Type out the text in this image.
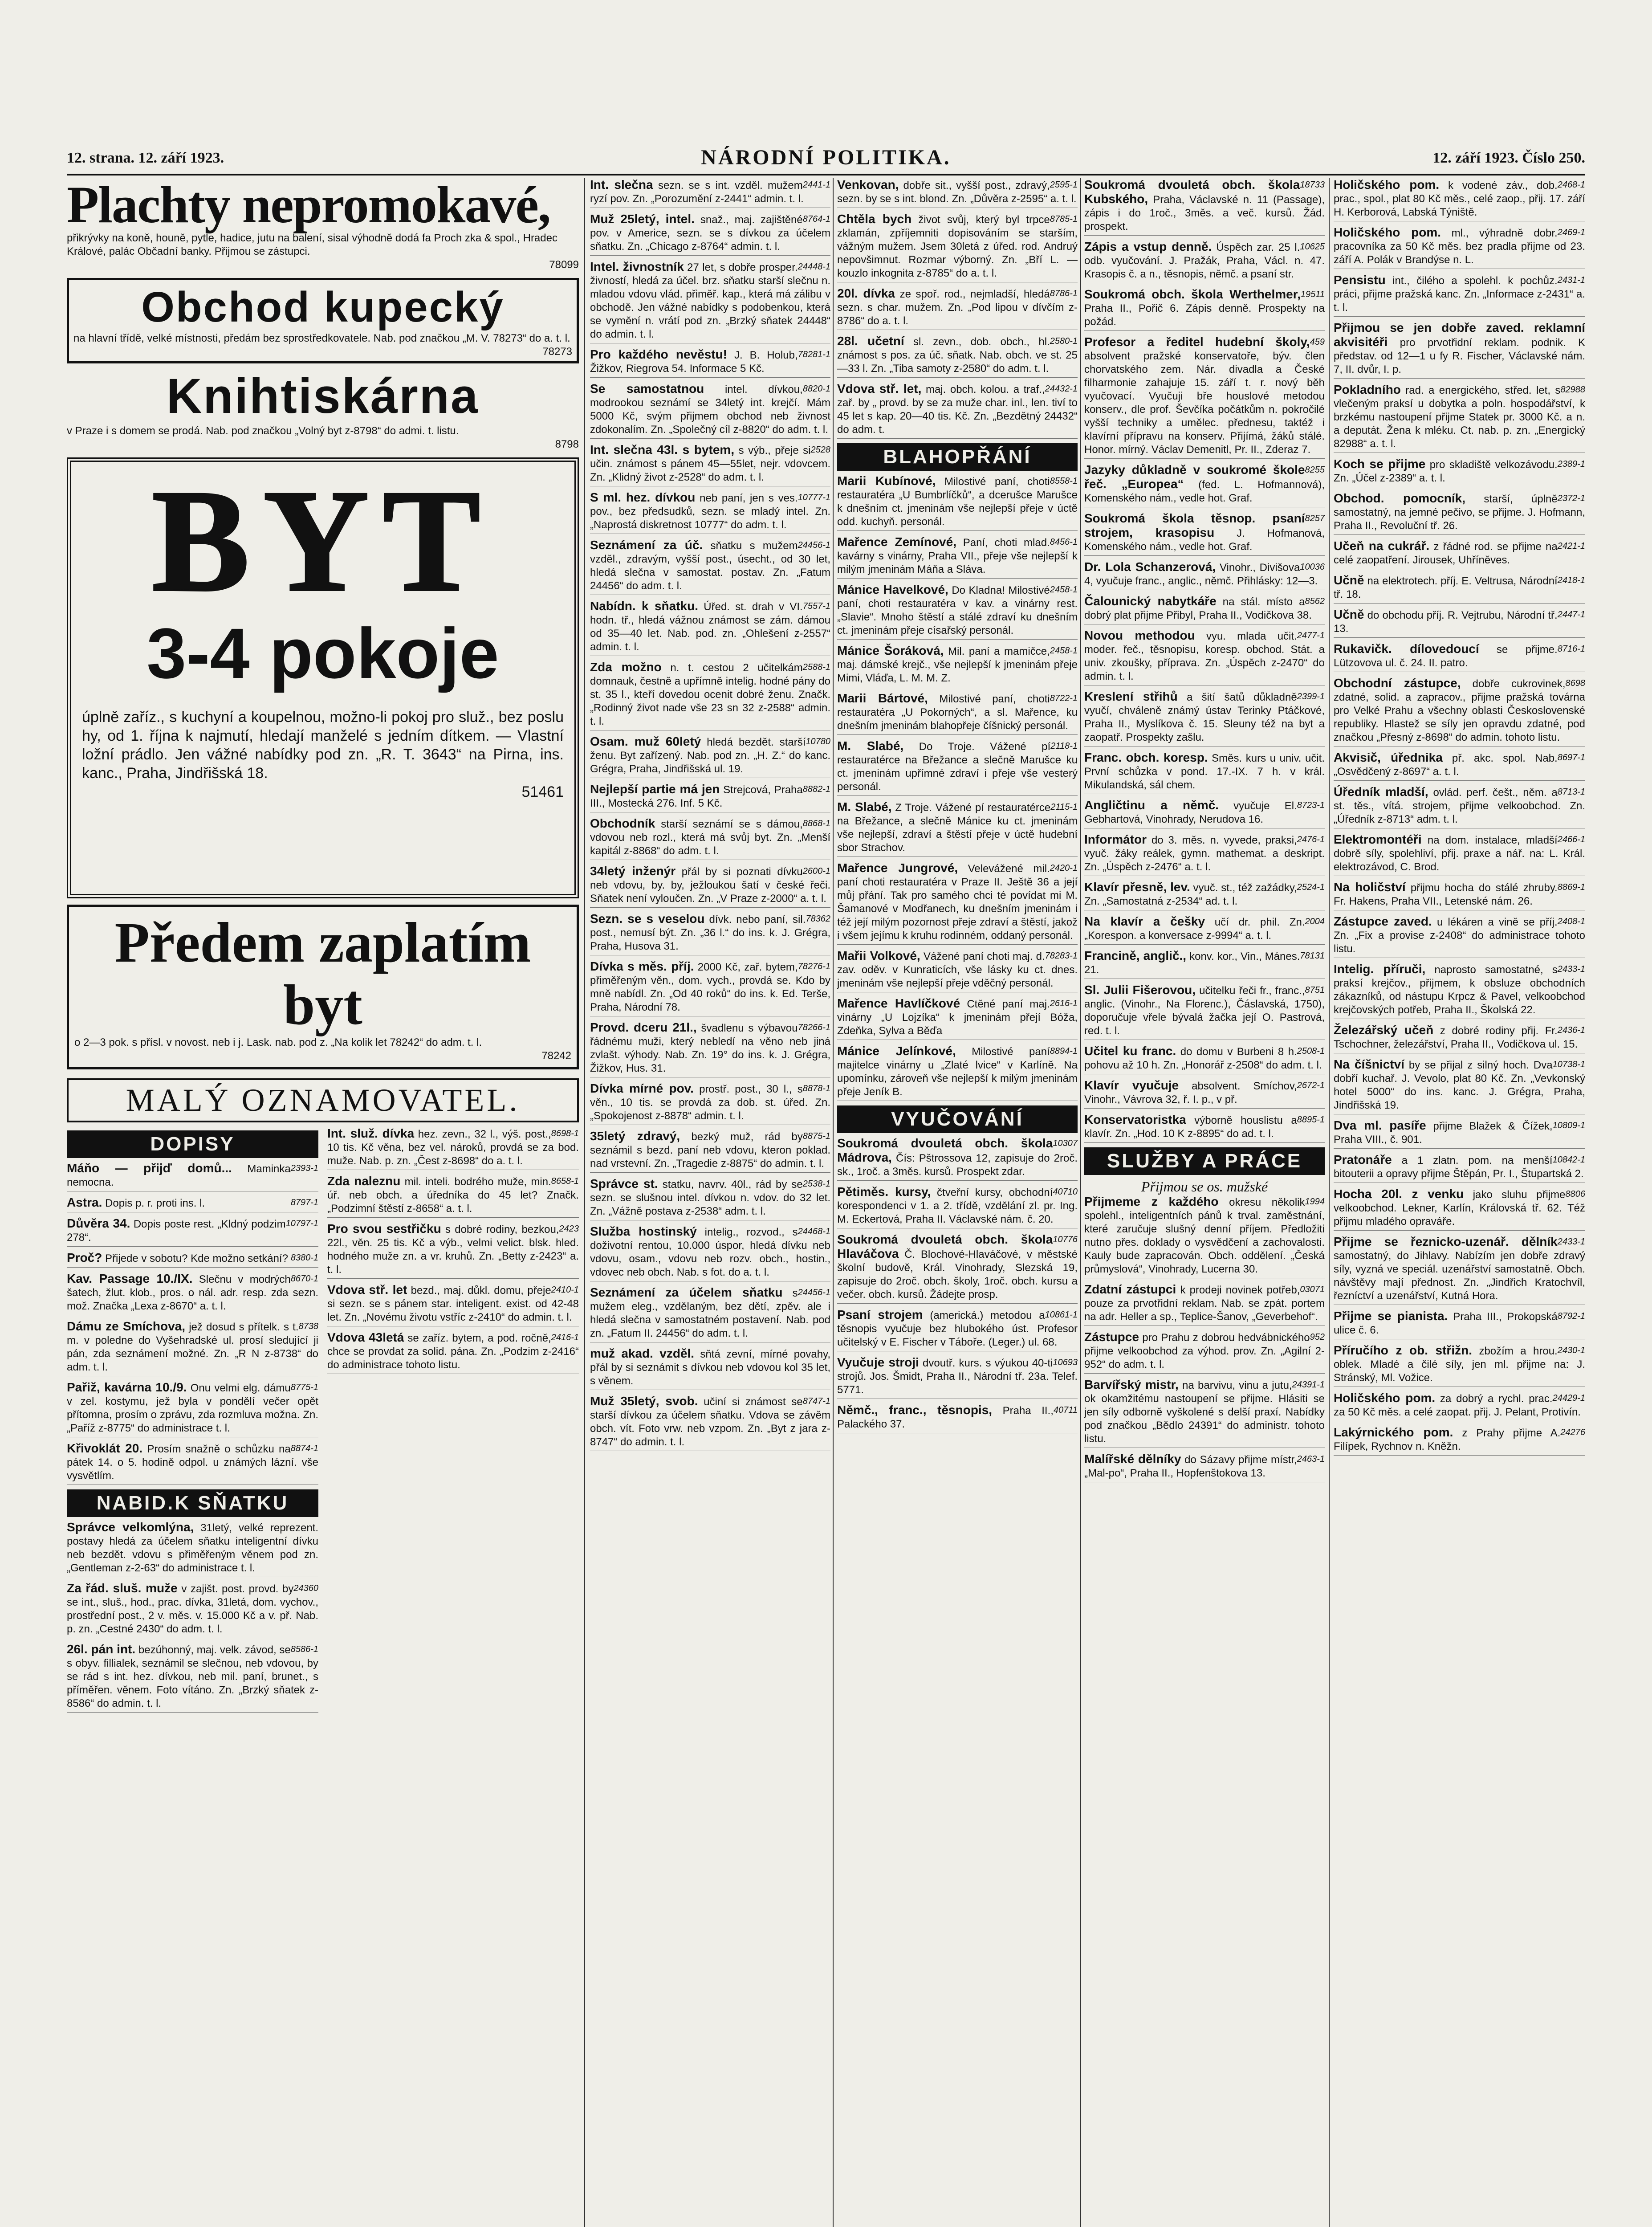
12. strana. 12. září 1923.	NÁRODNÍ POLITIKA.	12. září 1923. Číslo 250.
Plachty nepromokavé,
přikrývky na koně, houně, pytle, hadice, jutu na balení, sisal výhodně dodá fa Proch zka & spol., Hradec Králové, palác Občadní banky. Přijmou se zástupci.
78099
Obchod kupecký
na hlavní třídě, velké místnosti, předám bez sprostředkovatele. Nab. pod značkou „M. V. 78273“ do a. t. l.
78273
Knihtiskárna
v Praze i s domem se prodá. Nab. pod značkou „Volný byt z-8798“ do admi. t. listu.
8798
BYT
3-4 pokoje
úplně zaříz., s kuchyní a koupelnou, možno-li pokoj pro služ., bez poslu hy, od 1. října k najmutí, hledají manželé s jedním dítkem. — Vlastní ložní prádlo. Jen vážné nabídky pod zn. „R. T. 3643“ na Pirna, ins. kanc., Praha, Jindřišská 18.
51461
Předem zaplatím byt
o 2—3 pok. s přísl. v novost. neb i j. Lask. nab. pod z. „Na kolik let 78242“ do adm. t. l.
78242
MALÝ OZNAMOVATEL.
DOPISY
2393-1
Máňo — přijď domů... Maminka nemocna.
8797-1
Astra. Dopis p. r. proti ins. l.
10797-1
Důvěra 34. Dopis poste rest. „Kldný podzim 278“.
8380-1
Proč? Přijede v sobotu? Kde možno setkání?
8670-1
Kav. Passage 10./IX. Slečnu v modrých šatech, žlut. klob., pros. o nál. adr. resp. zda sezn. mož. Značka „Lexa z-8670“ a. t. l.
8738
Dámu ze Smíchova, jež dosud s přítelk. s t. m. v poledne do Vyšehradské ul. prosí sledující ji pán, zda seznámení možné. Zn. „R N z-8738“ do adm. t. l.
8775-1
Pařiž, kavárna 10./9. Onu velmi elg. dámu v zel. kostymu, jež byla v pondělí večer opět přítomna, prosím o zprávu, zda rozmluva možna. Zn. „Paříž z-8775“ do administrace t. l.
8874-1
Křivoklát 20. Prosím snažně o schůzku na pátek 14. o 5. hodině odpol. u známých lázní. vše vysvětlím.
NABID.K SŇATKU
Správce velkomlýna, 31letý, velké reprezent. postavy hledá za účelem sňatku inteligentní dívku neb bezdět. vdovu s přiměřeným věnem pod zn. „Gentleman z-2-63“ do administrace t. l.
24360
Za řád. sluš. muže v zajišt. post. provd. by se int., sluš., hod., prac. dívka, 31letá, dom. vychov., prostřední post., 2 v. měs. v. 15.000 Kč a v. př. Nab. p. zn. „Cestné 2430“ do adm. t. l.
8586-1
26l. pán int. bezúhonný, maj. velk. závod, se s obyv. fillialek, seznámil se slečnou, neb vdovou, by se rád s int. hez. dívkou, neb mil. paní, brunet., s příměřen. věnem. Foto vítáno. Zn. „Brzký sňatek z-8586“ do admin. t. l.
8698-1
Int. služ. dívka hez. zevn., 32 l., výš. post., 10 tis. Kč věna, bez vel. nároků, provdá se za bod. muže. Nab. p. zn. „Čest z-8698“ do a. t. l.
8658-1
Zda naleznu mil. inteli. bodrého muže, min. úř. neb obch. a úředníka do 45 let? Značk. „Podzimní štěstí z-8658“ a. t. l.
2423
Pro svou sestřičku s dobré rodiny, bezkou, 22l., věn. 25 tis. Kč a výb., velmi velict. blsk. hled. hodného muže zn. a vr. kruhů. Zn. „Betty z-2423“ a. t. l.
2410-1
Vdova stř. let bezd., maj. důkl. domu, přeje si sezn. se s pánem star. inteligent. exist. od 42-48 let. Zn. „Novému životu vstříc z-2410“ do admin. t. l.
2416-1
Vdova 43letá se zaříz. bytem, a pod. ročně, chce se provdat za solid. pána. Zn. „Podzim z-2416“ do administrace tohoto listu.
2441-1
Int. slečna sezn. se s int. vzděl. mužem ryzí pov. Zn. „Porozumění z-2441“ admin. t. l.
8764-1
Muž 25letý, intel. snaž., maj. zajištěné pov. v Americe, sezn. se s dívkou za účelem sňatku. Zn. „Chicago z-8764“ admin. t. l.
24448-1
Intel. živnostník 27 let, s dobře prosper. živností, hledá za účel. brz. sňatku starší slečnu n. mladou vdovu vlád. přiměř. kap., která má zálibu v obchodě. Jen vážné nabídky s podobenkou, která se vymění n. vrátí pod zn. „Brzký sňatek 24448“ do admin. t. l.
78281-1
Pro každého nevěstu! J. B. Holub, Žižkov, Riegrova 54. Informace 5 Kč.
8820-1
Se samostatnou intel. dívkou, modrookou seznámí se 34letý int. krejčí. Mám 5000 Kč, svým přijmem obchod neb živnost zdokonalím. Zn. „Společný cíl z-8820“ do adm. t. l.
2528
Int. slečna 43l. s bytem, s výb., přeje si učin. známost s pánem 45—55let, nejr. vdovcem. Zn. „Klidný život z-2528“ do adm. t. l.
10777-1
S ml. hez. dívkou neb paní, jen s ves. pov., bez předsudků, sezn. se mladý intel. Zn. „Naprostá diskretnost 10777“ do adm. t. l.
24456-1
Seznámení za úč. sňatku s mužem vzděl., zdravým, vyšší post., úsecht., od 30 let, hledá slečna v samostat. postav. Zn. „Fatum 24456“ do adm. t. l.
7557-1
Nabídn. k sňatku. Úřed. st. drah v VI. hodn. tř., hledá vážnou známost se zám. dámou od 35—40 let. Nab. pod. zn. „Ohlešení z-2557“ admin. t. l.
2588-1
Zda možno n. t. cestou 2 učitelkám domnauk, čestně a upřímně intelig. hodné pány do st. 35 l., kteří dovedou ocenit dobré ženu. Značk. „Rodinný život nade vše 23 sn 32 z-2588“ admin. t. l.
10780
Osam. muž 60letý hledá bezdět. starší ženu. Byt zařízený. Nab. pod zn. „H. Z.“ do kanc. Grégra, Praha, Jindřišská ul. 19.
8882-1
Nejlepší partie má jen Strejcová, Praha III., Mostecká 276. Inf. 5 Kč.
8868-1
Obchodník starší seznámí se s dámou, vdovou neb rozl., která má svůj byt. Zn. „Menší kapitál z-8868“ do adm. t. l.
2600-1
34letý inženýr přál by si poznati dívku neb vdovu, by. by, ježloukou šatí v české řeči. Sňatek není vyloučen. Zn. „V Praze z-2000“ a. t. l.
78362
Sezn. se s veselou dívk. nebo paní, sil. post., nemusí být. Zn. „36 l.“ do ins. k. J. Grégra, Praha, Husova 31.
78276-1
Dívka s měs. příj. 2000 Kč, zař. bytem, přiměřeným věn., dom. vych., provdá se. Kdo by mně nabídl. Zn. „Od 40 roků“ do ins. k. Ed. Terše, Praha, Národní 78.
78266-1
Provd. dceru 21l., švadlenu s výbavou řádnému muži, který nebledí na věno neb jiná zvlašt. výhody. Nab. Zn. 19° do ins. k. J. Grégra, Žižkov, Hus. 31.
8878-1
Dívka mírné pov. prostř. post., 30 l., s věn., 10 tis. se provdá za dob. st. úřed. Zn. „Spokojenost z-8878“ admin. t. l.
8875-1
35letý zdravý, bezký muž, rád by seznámil s bezd. paní neb vdovu, kteron poklad. nad vrstevní. Zn. „Tragedie z-8875“ do admin. t. l.
2538-1
Správce st. statku, navrv. 40l., rád by se sezn. se slušnou intel. dívkou n. vdov. do 32 let. Zn. „Vážně postava z-2538“ adm. t. l.
24468-1
Služba hostinský intelig., rozvod., s doživotní rentou, 10.000 úspor, hledá dívku neb vdovu, osam., vdovu neb rozv. obch., hostin., vdovec neb obch. Nab. s fot. do a. t. l.
24456-1
Seznámení za účelem sňatku s mužem eleg., vzdělaným, bez dětí, zpěv. ale i hledá slečna v samostatném postavení. Nab. pod zn. „Fatum II. 24456“ do adm. t. l.
muž akad. vzděl. sňtá zevní, mírné povahy, přál by si seznámit s dívkou neb vdovou kol 35 let, s věnem.
8747-1
Muž 35letý, svob. učiní si známost se starší dívkou za účelem sňatku. Vdova se závěm obch. vít. Foto vrw. neb vzpom. Zn. „Byt z jara z-8747“ do admin. t. l.
2595-1
Venkovan, dobře sit., vyšší post., zdravý, sezn. by se s int. blond. Zn. „Důvěra z-2595“ a. t. l.
8785-1
Chtěla bych život svůj, který byl trpce zklamán, zpříjemniti dopisováním se starším, vážným mužem. Jsem 30letá z úřed. rod. Andruý nepovšimnut. Rozmar výborný. Zn. „Bří L. — kouzlo inkognita z-8785“ do a. t. l.
8786-1
20l. dívka ze spoř. rod., nejmladší, hledá sezn. s char. mužem. Zn. „Pod lipou v dívčím z-8786“ do a. t. l.
2580-1
28l. učetní sl. zevn., dob. obch., hl. známost s pos. za úč. sňatk. Nab. obch. ve st. 25—33 l. Zn. „Tiba samoty z-2580“ do adm. t. l.
24432-1
Vdova stř. let, maj. obch. kolou. a traf., zař. by „ provd. by se za muže char. inl., len. tiví to 45 let s kap. 20—40 tis. Kč. Zn. „Bezdětný 24432“ do adm. t.
BLAHOPŘÁNÍ
8558-1
Marii Kubínové, Milostivé paní, choti restauratéra „U Bumbrlíčků“, a dcerušce Marušce k dnešním ct. jmeninám vše nejlepší přeje v úctě odd. kuchyň. personál.
8456-1
Mařence Zemínové, Paní, choti mlad. kavárny s vinárny, Praha VII., přeje vše nejlepší k milým jmeninám Máňa a Sláva.
2458-1
Mánice Havelkové, Do Kladna! Milostivé paní, choti restauratéra v kav. a vinárny rest. „Slavie“. Mnoho štěstí a stálé zdraví ku dnešním ct. jmeninám přeje císařský personál.
2458-1
Mánice Šoráková, Mil. paní a mamičce, maj. dámské krejč., vše nejlepší k jmeninám přeje Mimi, Vláďa, L. M. M. Z.
8722-1
Marii Bártové, Milostivé paní, choti restauratéra „U Pokorných“, a sl. Mařence, ku dnešním jmeninám blahopřeje číšnický personál.
2118-1
M. Slabé, Do Troje. Vážené pí restauratérce na Břežance a slečně Marušce ku ct. jmeninám upřímné zdraví i přeje vše vesterý personál.
2115-1
M. Slabé, Z Troje. Vážené pí restauratérce na Břežance, a slečně Mánice ku ct. jmeninám vše nejlepší, zdraví a štěstí přeje v úctě hudební sbor Strachov.
2420-1
Mařence Jungrové, Velevážené mil. paní choti restauratéra v Praze II. Ještě 36 a její můj přání. Tak pro samého chci té povídat mi M. Šamanové v Modřanech, ku dnešním jmeninám i též její milým pozornost přeje zdraví a štěstí, jakož i všem jejímu k kruhu rodinném, oddaný personál.
78283-1
Mařii Volkové, Vážené paní choti maj. d. zav. oděv. v Kunraticích, vše lásky ku ct. dnes. jmeninám vše nejlepší přeje vděčný personál.
2616-1
Mařence Havlíčkové Ctěné paní maj. vinárny „U Lojzíka“ k jmeninám přejí Bóža, Zdeňka, Sylva a Běďa
8894-1
Mánice Jelínkové, Milostivé paní majitelce vinárny u „Zlaté lvice“ v Karlíně. Na upomínku, zároveň vše nejlepší k milým jmeninám přeje Jeník B.
VYUČOVÁNÍ
10307
Soukromá dvouletá obch. škola Mádrova, Čís: Pštrossova 12, zapisuje do 2roč. sk., 1roč. a 3měs. kursů. Prospekt zdar.
40710
Pětiměs. kursy, čtveřní kursy, obchodní korespondenci v 1. a 2. třídě, vzdělání zl. pr. Ing. M. Eckertová, Praha II. Václavské nám. č. 20.
10776
Soukromá dvouletá obch. škola Hlaváčova Č. Blochové-Hlaváčové, v městské školní budově, Král. Vinohrady, Slezská 19, zapisuje do 2roč. obch. školy, 1roč. obch. kursu a večer. obch. kursů. Žádejte prosp.
10861-1
Psaní strojem (americká.) metodou a těsnopis vyučuje bez hlubokého úst. Profesor učitelský v E. Fischer v Táboře. (Leger.) ul. 68.
10693
Vyučuje stroji dvoutř. kurs. s výukou 40-ti strojů. Jos. Šmidt, Praha II., Národní tř. 23a. Telef. 5771.
40711
Němč., franc., těsnopis, Praha II., Palackého 37.
18733
Soukromá dvouletá obch. škola Kubského, Praha, Václavské n. 11 (Passage), zápis i do 1roč., 3měs. a več. kursů. Žád. prospekt.
10625
Zápis a vstup denně. Úspěch zar. 25 l. odb. vyučování. J. Pražák, Praha, Václ. n. 47. Krasopis č. a n., těsnopis, němč. a psaní str.
19511
Soukromá obch. škola Werthelmer, Praha II., Pořič 6. Zápis denně. Prospekty na požád.
459
Profesor a ředitel hudební školy, absolvent pražské konservatoře, býv. člen chorvatského zem. Nár. divadla a České filharmonie zahajuje 15. září t. r. nový běh vyučovací. Vyučuji bře houslové metodou konserv., dle prof. Ševčíka počátkům n. pokročilé vyšší techniky a umělec. přednesu, taktéž i klavírní přípravu na konserv. Přijímá, žáků stálé. Honor. mírný. Václav Demenitl, Pr. II., Zderaz 7.
8255
Jazyky důkladně v soukromé škole řeč. „Europea“ (fed. L. Hofmannová), Komenského nám., vedle hot. Graf.
8257
Soukromá škola těsnop. psaní strojem, krasopisu J. Hofmanová, Komenského nám., vedle hot. Graf.
10036
Dr. Lola Schanzerová, Vinohr., Divišova 4, vyučuje franc., anglic., němč. Přihlásky: 12—3.
8562
Čalounický nabytkáře na stál. místo a dobrý plat přijme Přibyl, Praha II., Vodičkova 38.
2477-1
Novou methodou vyu. mlada učit. moder. řeč., těsnopisu, koresp. obchod. Stát. a univ. zkoušky, příprava. Zn. „Úspěch z-2470“ do admin. t. l.
2399-1
Kreslení střihů a šití šatů důkladně vyučí, chváleně známý ústav Terinky Ptáčkové, Praha II., Myslíkova č. 15. Sleuny též na byt a zaopatř. Prospekty zašlu.
Franc. obch. koresp. Směs. kurs u univ. učit. První schůzka v pond. 17.-IX. 7 h. v král. Mikulandská, sál chem.
8723-1
Angličtinu a němč. vyučuje El. Gebhartová, Vinohrady, Nerudova 16.
2476-1
Informátor do 3. měs. n. vyvede, praksi, vyuč. žáky reálek, gymn. mathemat. a deskript. Zn. „Úspěch z-2476“ a. t. l.
2524-1
Klavír přesně, lev. vyuč. st., též zažádky, Zn. „Samostatná z-2534“ ad. t. l.
2004
Na klavír a češky učí dr. phil. Zn. „Korespon. a konversace z-9994“ a. t. l.
78131
Francině, anglič., konv. kor., Vin., Mánes. 21.
8751
Sl. Julii Fišerovou, učitelku řeči fr., franc., anglic. (Vinohr., Na Florenc.), Čáslavská, 1750), doporučuje vřele bývalá žačka její O. Pastrová, red. t. l.
2508-1
Učitel ku franc. do domu v Burbeni 8 h. pohovu až 10 h. Zn. „Honorář z-2508“ do adm. t. l.
2672-1
Klavír vyučuje absolvent. Smíchov, Vinohr., Vávrova 32, ř. I. p., v př.
8895-1
Konservatoristka výborně houslistu a klavír. Zn. „Hod. 10 K z-8895“ do ad. t. l.
SLUŽBY A PRÁCE
Přijmou se os. mužské
1994
Přijmeme z každého okresu několik spolehl., inteligentních pánů k trval. zaměstnání, které zaručuje slušný denní příjem. Předložiti nutno přes. doklady o vysvědčení a zachovalosti. Kauly bude zapracován. Obch. oddělení. „Česká průmyslová“, Vinohrady, Lucerna 30.
03071
Zdatní zástupci k prodeji novinek potřeb, pouze za prvotřidní reklam. Nab. se zpát. portem na adr. Heller a sp., Teplice-Šanov, „Geverbehof“.
952
Zástupce pro Prahu z dobrou hedvábnického přijme velkoobchod za výhod. prov. Zn. „Agilní 2-952“ do adm. t. l.
24391-1
Barvířský mistr, na barvivu, vinu a jutu, ok okamžitému nastoupení se přijme. Hlásiti se jen síly odborně vyškolené s delší praxí. Nabídky pod značkou „Bědlo 24391“ do administr. tohoto listu.
2463-1
Malířské dělníky do Sázavy přijme místr, „Mal-po“, Praha II., Hopfenštokova 13.
2468-1
Holičského pom. k vodené záv., dob. prac., spol., plat 80 Kč měs., celé zaop., přij. 17. září H. Kerborová, Labská Týniště.
2469-1
Holičského pom. ml., výhradně dobr. pracovníka za 50 Kč měs. bez pradla přijme od 23. září A. Polák v Brandýse n. L.
2431-1
Pensistu int., čilého a spolehl. k pochůz. práci, přijme pražská kanc. Zn. „Informace z-2431“ a. t. l.
Přijmou se jen dobře zaved. reklamní akvisitéři pro prvotřidní reklam. podnik. K představ. od 12—1 u fy R. Fischer, Václavské nám. 7, II. dvůr, I. p.
82988
Pokladního rad. a energického, střed. let, s vlečeným praksí u dobytka a poln. hospodářství, k brzkému nastoupení přijme Statek pr. 3000 Kč. a n. a deputát. Žena k mléku. Ct. nab. p. zn. „Energický 82988“ a. t. l.
2389-1
Koch se přijme pro skladiště velkozávodu. Zn. „Účel z-2389“ a. t. l.
2372-1
Obchod. pomocník, starší, úplně samostatný, na jemné pečivo, se přijme. J. Hofmann, Praha II., Revoluční tř. 26.
2421-1
Učeň na cukrář. z řádné rod. se přijme na celé zaopatření. Jirousek, Uhříněves.
2418-1
Učně na elektrotech. příj. E. Veltrusa, Národní tř. 18.
2447-1
Učně do obchodu příj. R. Vejtrubu, Národní tř. 13.
8716-1
Rukavičk. dílovedoucí se přijme. Lützovova ul. č. 24. II. patro.
8698
Obchodní zástupce, dobře cukrovinek, zdatné, solid. a zapracov., přijme pražská továrna pro Velké Prahu a všechny oblasti Československé republiky. Hlastež se síly jen opravdu zdatné, pod značkou „Přesný z-8698“ do admin. tohoto listu.
8697-1
Akvisič, úřednika př. akc. spol. Nab. „Osvědčený z-8697“ a. t. l.
8713-1
Úředník mladší, ovlád. perf. češt., něm. a st. těs., vítá. strojem, přijme velkoobchod. Zn. „Úředník z-8713“ adm. t. l.
2466-1
Elektromontéři na dom. instalace, mladší dobrě síly, spolehliví, přij. praxe a nář. na: L. Král. elektrozávod, C. Brod.
8869-1
Na holičství přijmu hocha do stálé zhruby. Fr. Hakens, Praha VII., Letenské nám. 26.
2408-1
Zástupce zaved. u lékáren a vině se příj. Zn. „Fix a provise z-2408“ do administrace tohoto listu.
2433-1
Intelig. příruči, naprosto samostatné, s praksí krejčov., přijmem, k obsluze obchodních zákazníků, od nástupu Krpcz & Pavel, velkoobchod krejčovských potřeb, Praha II., Školská 22.
2436-1
Železářský učeň z dobré rodiny přij. Fr. Tschochner, železářství, Praha II., Vodičkova ul. 15.
10738-1
Na číšnictví by se přijal z silný hoch. Dva dobří kuchař. J. Vevolo, plat 80 Kč. Zn. „Vevkonský hotel 5000“ do ins. kanc. J. Grégra, Praha, Jindřišská 19.
10809-1
Dva ml. pasíře přijme Blažek & Čížek, Praha VIII., č. 901.
10842-1
Pratonáře a 1 zlatn. pom. na menší bitouterii a opravy přijme Štěpán, Pr. I., Štupartská 2.
8806
Hocha 20l. z venku jako sluhu přijme velkoobchod. Lekner, Karlín, Královská tř. 62. Též přijmu mladého opraváře.
2433-1
Přijme se řeznicko-uzenář. dělník samostatný, do Jihlavy. Nabízím jen dobře zdravý síly, vyzná ve speciál. uzenářství samostatně. Obch. návštěvy mají přednost. Zn. „Jindřich Kratochvíl, řezníctví a uzenářství, Kutná Hora.
8792-1
Přijme se pianista. Praha III., Prokopská ulice č. 6.
2430-1
Příručího z ob. střižn. zbožím a hrou. oblek. Mladé a čilé síly, jen ml. přijme na: J. Stránský, Ml. Vožice.
24429-1
Holičského pom. za dobrý a rychl. prac. za 50 Kč měs. a celé zaopat. přij. J. Pelant, Protivín.
24276
Lakýrnického pom. z Prahy přijme A. Filípek, Rychnov n. Kněžn.
